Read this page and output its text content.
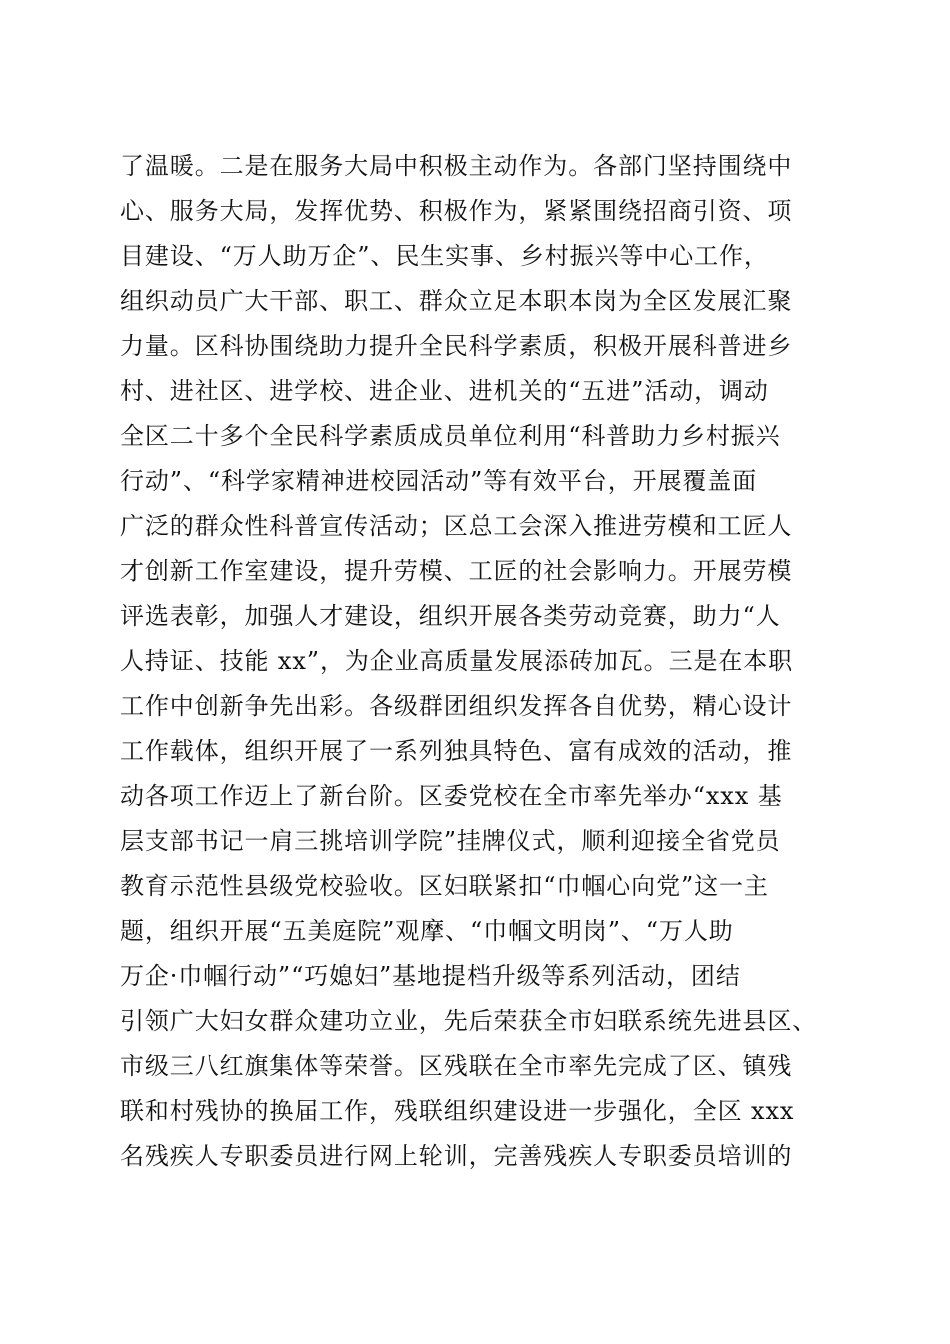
了温暖。二是在服务大局中积极主动作为。各部门坚持围绕中
心、服务大局，发挥优势、积极作为，紧紧围绕招商引资、项
目建设、“万人助万企”、民生实事、乡村振兴等中心工作，
组织动员广大干部、职工、群众立足本职本岗为全区发展汇聚
力量。区科协围绕助力提升全民科学素质，积极开展科普进乡
村、进社区、进学校、进企业、进机关的“五进”活动，调动
全区二十多个全民科学素质成员单位利用“科普助力乡村振兴
行动”、“科学家精神进校园活动”等有效平台，开展覆盖面
广泛的群众性科普宣传活动；区总工会深入推进劳模和工匠人
才创新工作室建设，提升劳模、工匠的社会影响力。开展劳模
评选表彰，加强人才建设，组织开展各类劳动竞赛，助力“人
人持证、技能 xx”，为企业高质量发展添砖加瓦。三是在本职
工作中创新争先出彩。各级群团组织发挥各自优势，精心设计
工作载体，组织开展了一系列独具特色、富有成效的活动，推
动各项工作迈上了新台阶。区委党校在全市率先举办“xxx 基
层支部书记一肩三挑培训学院”挂牌仪式，顺利迎接全省党员
教育示范性县级党校验收。区妇联紧扣“巾帼心向党”这一主
题，组织开展“五美庭院”观摩、“巾帼文明岗”、“万人助
万企·巾帼行动”“巧媳妇”基地提档升级等系列活动，团结
引领广大妇女群众建功立业，先后荣获全市妇联系统先进县区、
市级三八红旗集体等荣誉。区残联在全市率先完成了区、镇残
联和村残协的换届工作，残联组织建设进一步强化，全区 xxx
名残疾人专职委员进行网上轮训，完善残疾人专职委员培训的
